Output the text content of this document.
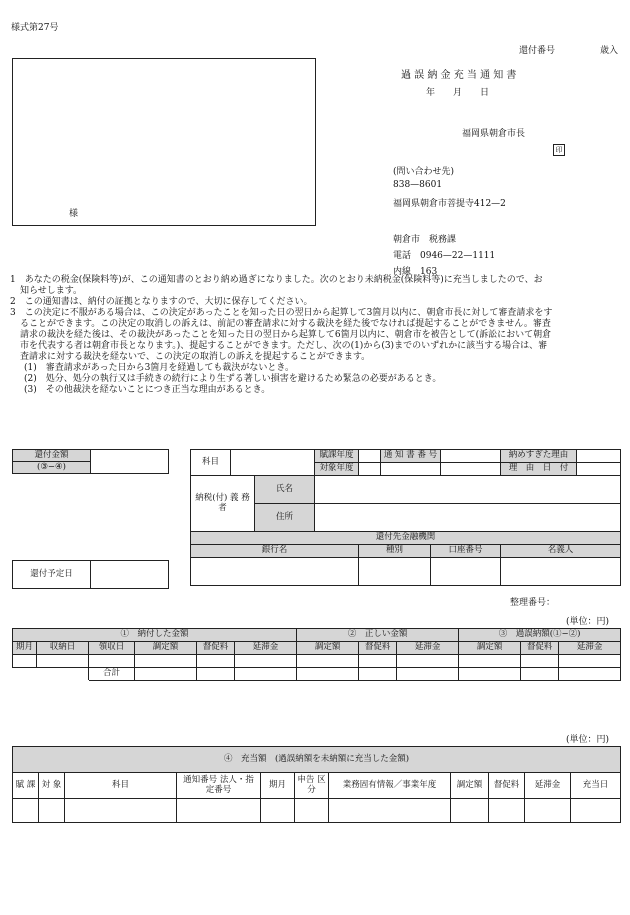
様式第27号
還付番号	歳入
過 誤 納 金 充 当 通 知 書
年　　月　　日
福岡県朝倉市長
印
様
(問い合わせ先)
838—8601
福岡県朝倉市菩提寺412—2
朝倉市　税務課
電話　0946—22—1111
内線　163

1　あなたの税金(保険料等)が、この通知書のとおり納め過ぎになりました。次のとおり未納税金(保険料等)に充当しましたので、お

知らせします。

2　この通知書は、納付の証拠となりますので、大切に保存してください。

3　この決定に不服がある場合は、この決定があったことを知った日の翌日から起算して3箇月以内に、朝倉市長に対して審査請求をす

ることができます。この決定の取消しの訴えは、前記の審査請求に対する裁決を経た後でなければ提起することができません。審査

請求の裁決を経た後は、その裁決があったことを知った日の翌日から起算して6箇月以内に、朝倉市を被告として(訴訟において朝倉

市を代表する者は朝倉市長となります。)、提起することができます。ただし、次の(1)から(3)までのいずれかに該当する場合は、審

査請求に対する裁決を経ないで、この決定の取消しの訴えを提起することができます。

(1)　審査請求があった日から3箇月を経過しても裁決がないとき。

(2)　処分、処分の執行又は手続きの続行により生ずる著しい損害を避けるため緊急の必要があるとき。

(3)　その他裁決を経ないことにつき正当な理由があるとき。

還付金額	
(③−④)
還付予定日	
科目			賦課年度		通 知 書 番 号			納めすぎた理由	
			対象年度					理　由　日　付	
納税(付) 義 務 者		氏名							
		住所							
還付先金融機関									
銀行名				種別		口座番号		名義人	

整理番号：
(単位：円)
①　納付した金額						②　正しい金額			③　過誤納額(①−②)		
期月	収納日	領収日	調定額	督促料	延滞金	調定額	督促料	延滞金	調定額	督促料	延滞金

		合計									
(単位：円)
④　充当額　(過誤納額を未納額に充当した金額)										
賦 課	対 象	科目	通知番号 法人・指定番号	期月	申告 区分	業務固有情報／事業年度	調定額	督促料	延滞金	充当日
